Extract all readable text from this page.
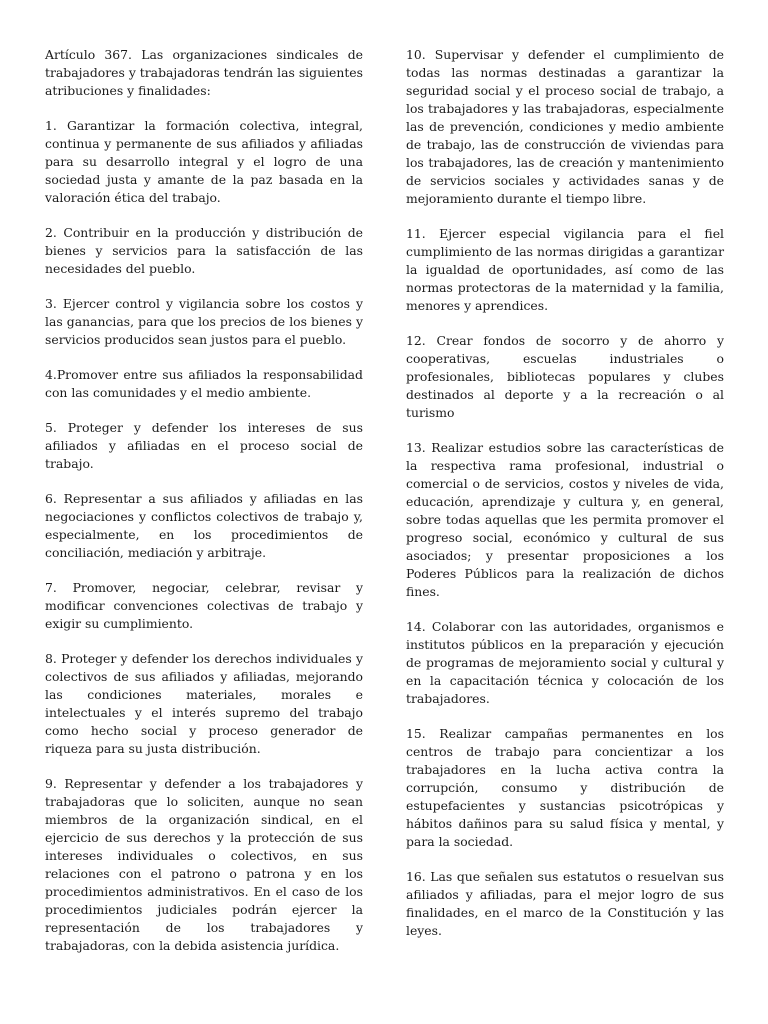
Artículo 367. Las organizaciones sindicales de trabajadores y trabajadoras tendrán las siguientes atribuciones y finalidades:

1. Garantizar la formación colectiva, integral, continua y permanente de sus afiliados y afiliadas para su desarrollo integral y el logro de una sociedad justa y amante de la paz basada en la valoración ética del trabajo.

2. Contribuir en la producción y distribución de bienes y servicios para la satisfacción de las necesidades del pueblo.

3. Ejercer control y vigilancia sobre los costos y las ganancias, para que los precios de los bienes y servicios producidos sean justos para el pueblo.

4.Promover entre sus afiliados la responsabilidad con las comunidades y el medio ambiente.

5. Proteger y defender los intereses de sus afiliados y afiliadas en el proceso social de trabajo.

6. Representar a sus afiliados y afiliadas en las negociaciones y conflictos colectivos de trabajo y, especialmente, en los procedimientos de conciliación, mediación y arbitraje.

7. Promover, negociar, celebrar, revisar y modificar convenciones colectivas de trabajo y exigir su cumplimiento.

8. Proteger y defender los derechos individuales y colectivos de sus afiliados y afiliadas, mejorando las condiciones materiales, morales e intelectuales y el interés supremo del trabajo como hecho social y proceso generador de riqueza para su justa distribución.

9. Representar y defender a los trabajadores y trabajadoras que lo soliciten, aunque no sean miembros de la organización sindical, en el ejercicio de sus derechos y la protección de sus intereses individuales o colectivos, en sus relaciones con el patrono o patrona y en los procedimientos administrativos. En el caso de los procedimientos judiciales podrán ejercer la representación de los trabajadores y trabajadoras, con la debida asistencia jurídica.

10. Supervisar y defender el cumplimiento de todas las normas destinadas a garantizar la seguridad social y el proceso social de trabajo, a los trabajadores y las trabajadoras, especialmente las de prevención, condiciones y medio ambiente de trabajo, las de construcción de viviendas para los trabajadores, las de creación y mantenimiento de servicios sociales y actividades sanas y de mejoramiento durante el tiempo libre.

11. Ejercer especial vigilancia para el fiel cumplimiento de las normas dirigidas a garantizar la igualdad de oportunidades, así como de las normas protectoras de la maternidad y la familia, menores y aprendices.

12. Crear fondos de socorro y de ahorro y cooperativas, escuelas industriales o profesionales, bibliotecas populares y clubes destinados al deporte y a la recreación o al turismo

13. Realizar estudios sobre las características de la respectiva rama profesional, industrial o comercial o de servicios, costos y niveles de vida, educación, aprendizaje y cultura y, en general, sobre todas aquellas que les permita promover el progreso social, económico y cultural de sus asociados; y presentar proposiciones a los Poderes Públicos para la realización de dichos fines.

14. Colaborar con las autoridades, organismos e institutos públicos en la preparación y ejecución de programas de mejoramiento social y cultural y en la capacitación técnica y colocación de los trabajadores.

15. Realizar campañas permanentes en los centros de trabajo para concientizar a los trabajadores en la lucha activa contra la corrupción, consumo y distribución de estupefacientes y sustancias psicotrópicas y hábitos dañinos para su salud física y mental, y para la sociedad.

16. Las que señalen sus estatutos o resuelvan sus afiliados y afiliadas, para el mejor logro de sus finalidades, en el marco de la Constitución y las leyes.
